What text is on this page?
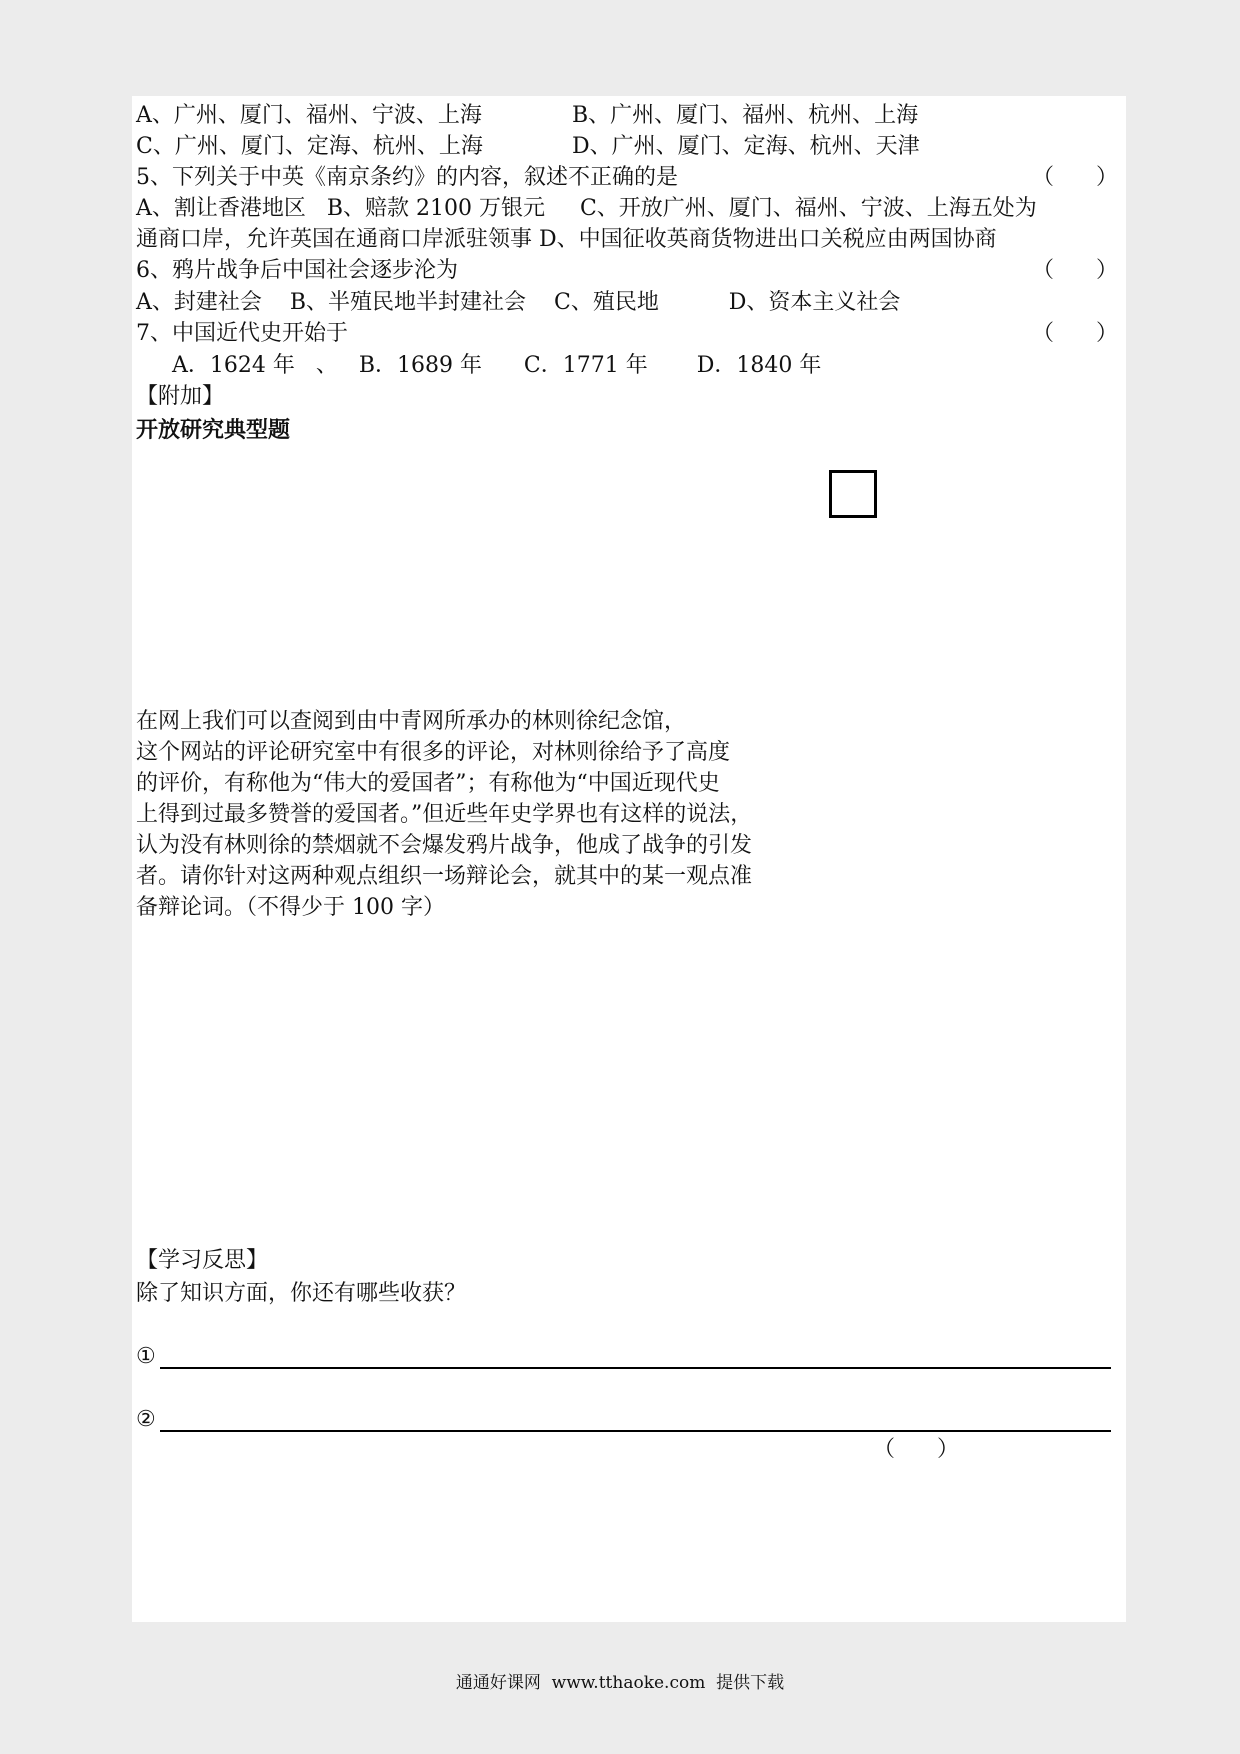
A、广州、厦门、福州、宁波、上海	B、广州、厦门、福州、杭州、上海
C、广州、厦门、定海、杭州、上海	D、广州、厦门、定海、杭州、天津
5、下列关于中英《南京条约》的内容，叙述不正确的是	（      ）
A、割让香港地区   B、赔款 2100 万银元     C、开放广州、厦门、福州、宁波、上海五处为
通商口岸，允许英国在通商口岸派驻领事 D、中国征收英商货物进出口关税应由两国协商
6、鸦片战争后中国社会逐步沦为	（      ）
A、封建社会    B、半殖民地半封建社会    C、殖民地          D、资本主义社会
7、中国近代史开始于	（      ）
A．1624 年   、   B．1689 年      C．1771 年       D．1840 年
【附加】
开放研究典型题
在网上我们可以查阅到由中青网所承办的林则徐纪念馆，
这个网站的评论研究室中有很多的评论，对林则徐给予了高度
的评价，有称他为“伟大的爱国者”；有称他为“中国近现代史
上得到过最多赞誉的爱国者。”但近些年史学界也有这样的说法，
认为没有林则徐的禁烟就不会爆发鸦片战争，他成了战争的引发
者。请你针对这两种观点组织一场辩论会，就其中的某一观点准
备辩论词。（不得少于 100 字）
【学习反思】
除了知识方面，你还有哪些收获？
①
②
（      ）
通通好课网  www.tthaoke.com  提供下载
